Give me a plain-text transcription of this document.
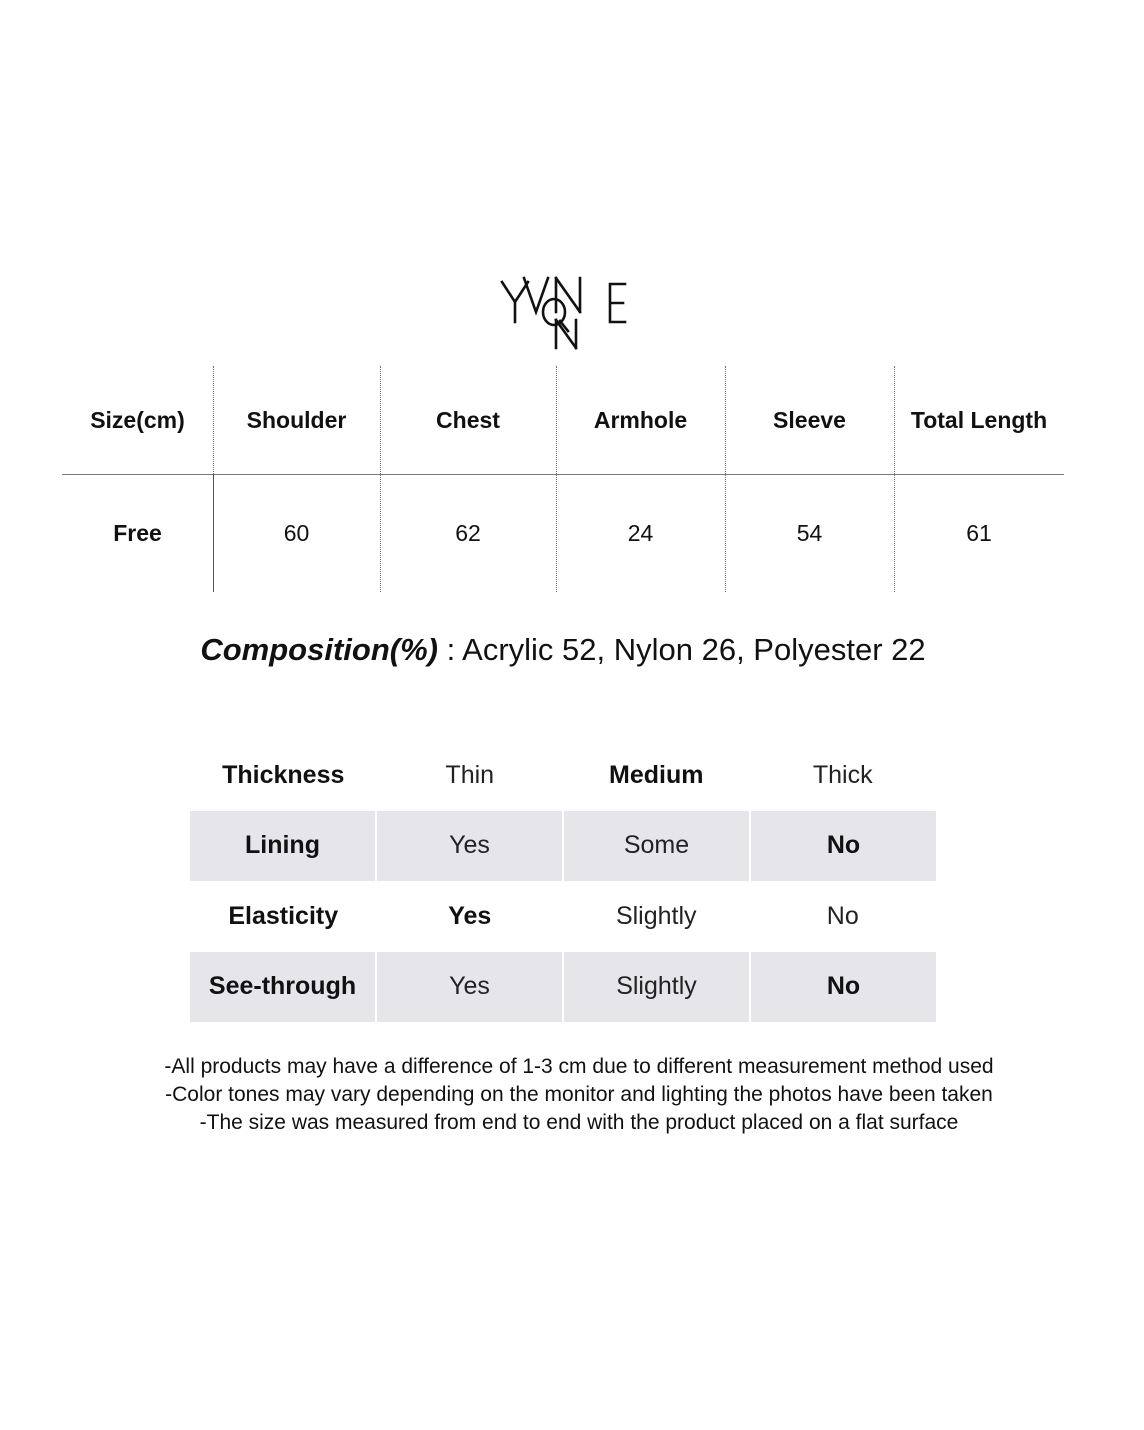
Size(cm)	Shoulder	Chest	Armhole	Sleeve	Total Length
Free	60	62	24	54	61
Composition(%) : Acrylic 52, Nylon 26, Polyester 22
Thickness	Thin	Medium	Thick
Lining	Yes	Some	No
Elasticity	Yes	Slightly	No
See-through	Yes	Slightly	No
-All products may have a difference of 1-3 cm due to different measurement method used
-Color tones may vary depending on the monitor and lighting the photos have been taken
-The size was measured from end to end with the product placed on a flat surface
